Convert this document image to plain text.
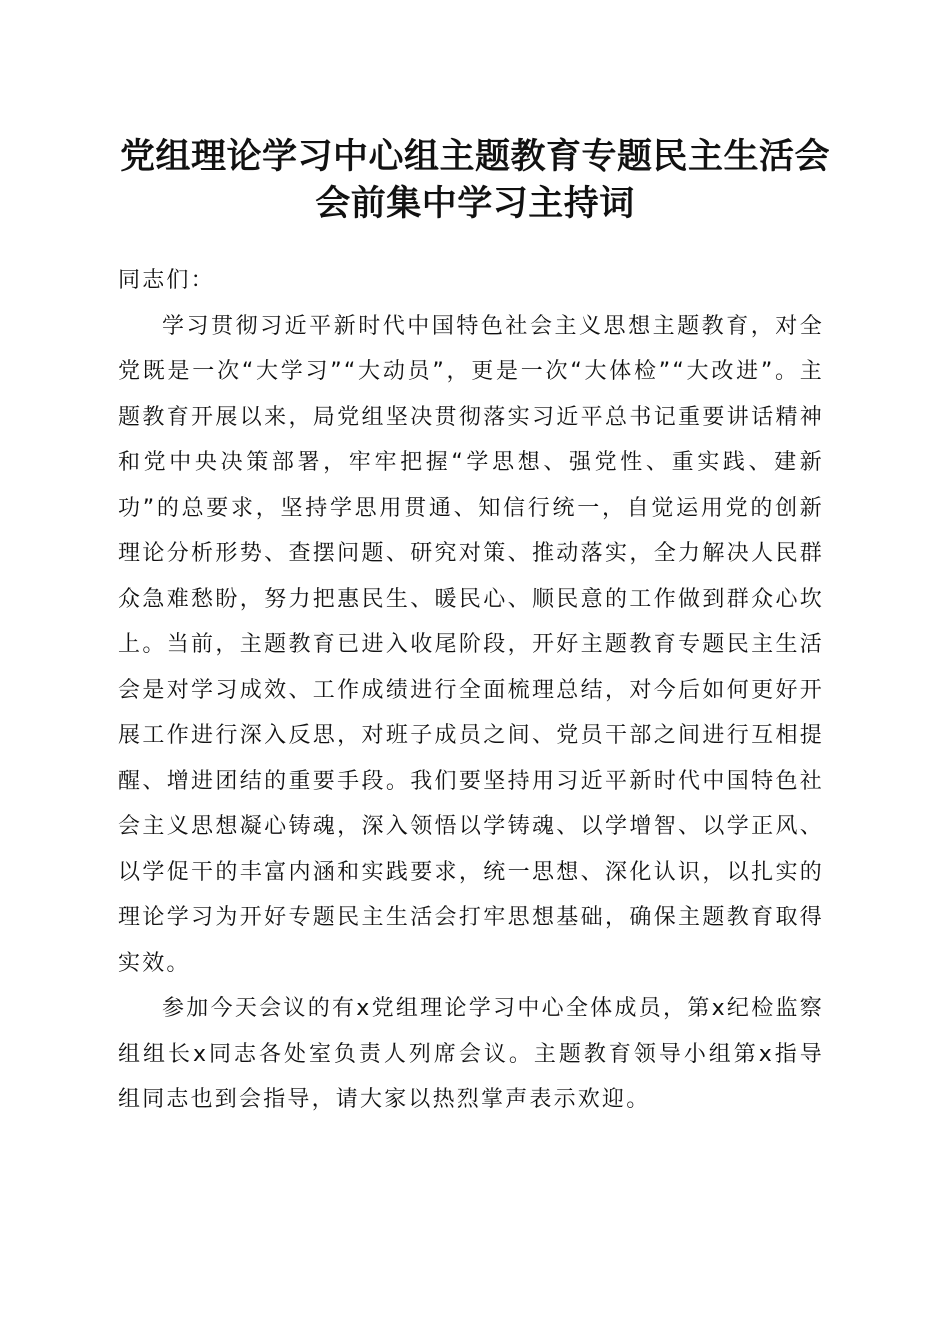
党组理论学习中心组主题教育专题民主生活会
会前集中学习主持词

同志们：

学习贯彻习近平新时代中国特色社会主义思想主题教育，对全党既是一次“大学习”“大动员”，更是一次“大体检”“大改进”。主题教育开展以来，局党组坚决贯彻落实习近平总书记重要讲话精神和党中央决策部署，牢牢把握“学思想、强党性、重实践、建新功”的总要求，坚持学思用贯通、知信行统一，自觉运用党的创新理论分析形势、查摆问题、研究对策、推动落实，全力解决人民群众急难愁盼，努力把惠民生、暖民心、顺民意的工作做到群众心坎上。当前，主题教育已进入收尾阶段，开好主题教育专题民主生活会是对学习成效、工作成绩进行全面梳理总结，对今后如何更好开展工作进行深入反思，对班子成员之间、党员干部之间进行互相提醒、增进团结的重要手段。我们要坚持用习近平新时代中国特色社会主义思想凝心铸魂，深入领悟以学铸魂、以学增智、以学正风、以学促干的丰富内涵和实践要求，统一思想、深化认识，以扎实的理论学习为开好专题民主生活会打牢思想基础，确保主题教育取得实效。

参加今天会议的有x党组理论学习中心全体成员，第x纪检监察组组长x同志各处室负责人列席会议。主题教育领导小组第x指导组同志也到会指导，请大家以热烈掌声表示欢迎。
